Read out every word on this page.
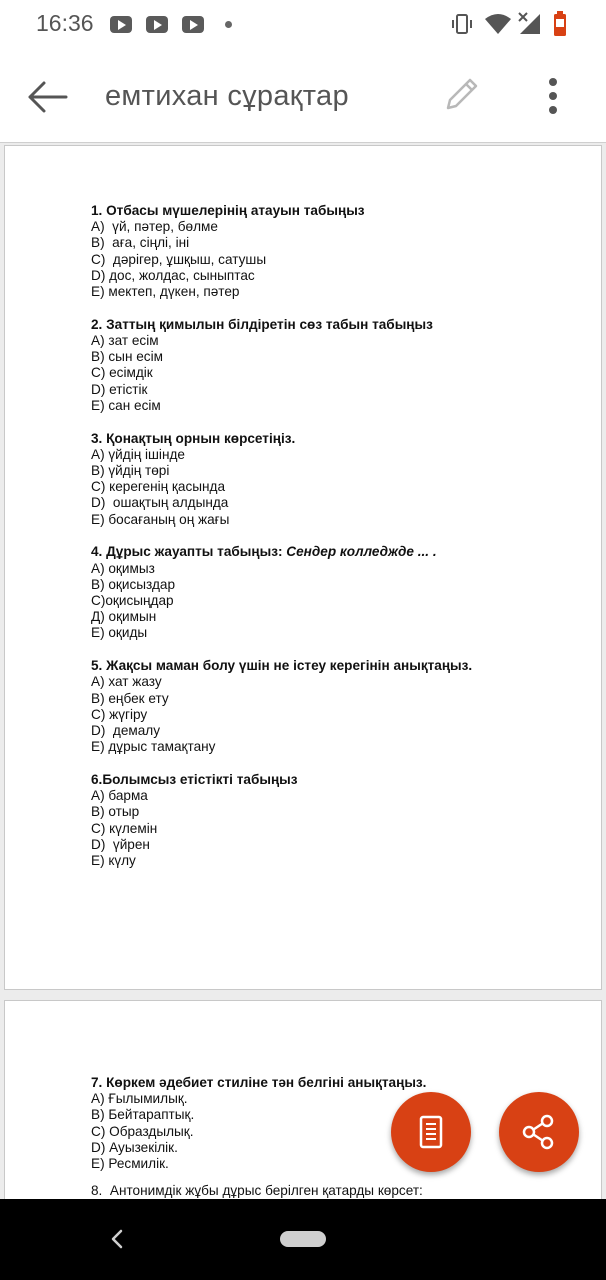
16:36
емтихан сұрақтар
1. Отбасы мүшелерінің атауын табыңыз
А)  үй, пәтер, бөлме
В)  аға, сіңлі, іні
С)  дәрігер, ұшқыш, сатушы
D) дос, жолдас, сыныптас
Е) мектеп, дүкен, пәтер
2. Заттың қимылын білдіретін сөз табын табыңыз
А) зат есім
В) сын есім
С) есімдік
D) етістік
Е) сан есім
3. Қонақтың орнын көрсетіңіз.
А) үйдің ішінде
В) үйдің төрі
С) керегенің қасында
D)  ошақтың алдында
Е) босағаның оң жағы
4. Дұрыс жауапты табыңыз: Сендер колледжде ... .
А) оқимыз
В) оқисыздар
С)оқисыңдар
Д) оқимын
Е) оқиды
5. Жақсы маман болу үшін не істеу керегінін анықтаңыз.
А) хат жазу
В) еңбек ету
С) жүгіру
D)  демалу
Е) дұрыс тамақтану
6.Болымсыз етістікті табыңыз
А) барма
В) отыр
С) күлемін
D)  үйрен
Е) күлу
7. Көркем әдебиет стиліне тән белгіні анықтаңыз.
А) Ғылымилық.
В) Бейтараптық.
С) Образдылық.
D) Ауызекілік.
Е) Ресмилік.
8.  Антонимдік жұбы дұрыс берілген қатарды көрсет:
